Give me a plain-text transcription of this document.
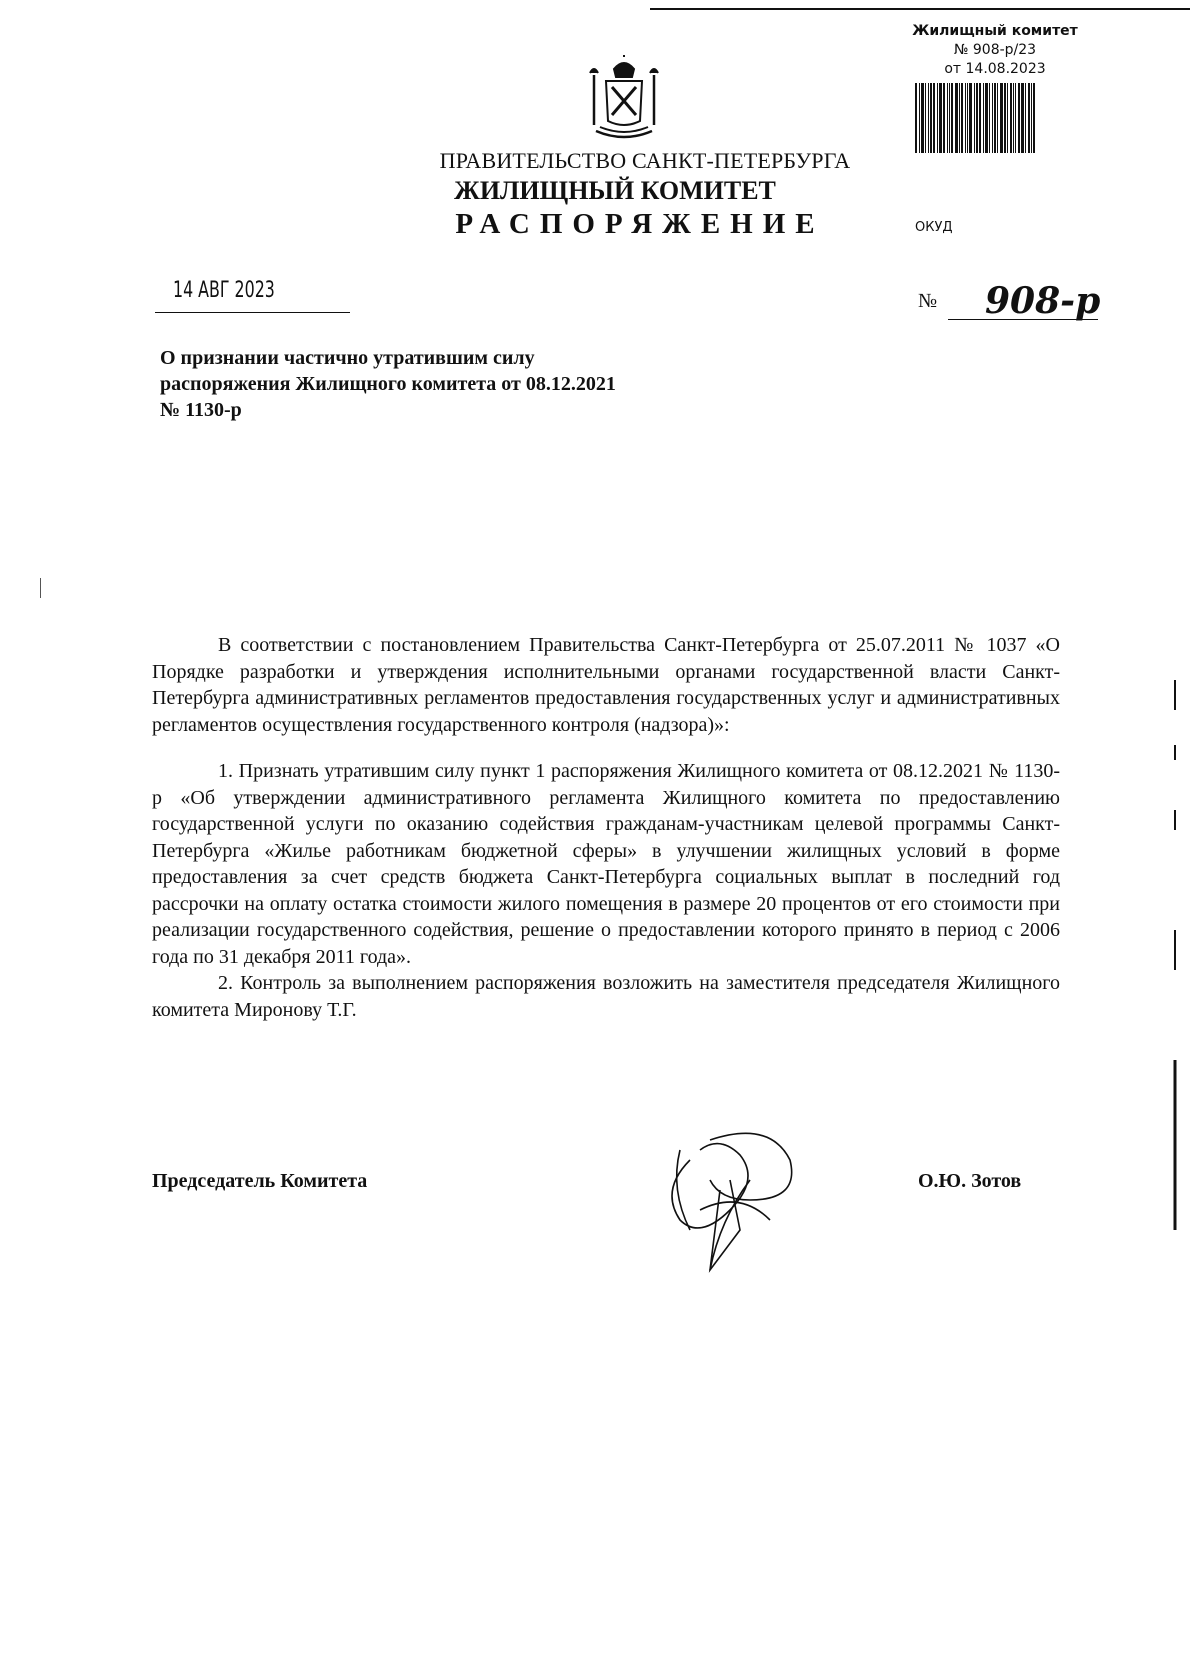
Жилищный комитет
№ 908-р/23
от 14.08.2023
ПРАВИТЕЛЬСТВО САНКТ-ПЕТЕРБУРГА
ЖИЛИЩНЫЙ КОМИТЕТ
РАСПОРЯЖЕНИЕ	ОКУД
14 АВГ 2023	№ 908-р
О признании частично утратившим силу распоряжения Жилищного комитета от 08.12.2021 № 1130-р

В соответствии с постановлением Правительства Санкт-Петербурга от 25.07.2011 № 1037 «О Порядке разработки и утверждения исполнительными органами государственной власти Санкт-Петербурга административных регламентов предоставления государственных услуг и административных регламентов осуществления государственного контроля (надзора)»:

1. Признать утратившим силу пункт 1 распоряжения Жилищного комитета от 08.12.2021 № 1130-р «Об утверждении административного регламента Жилищного комитета по предоставлению государственной услуги по оказанию содействия гражданам-участникам целевой программы Санкт-Петербурга «Жилье работникам бюджетной сферы» в улучшении жилищных условий в форме предоставления за счет средств бюджета Санкт-Петербурга социальных выплат в последний год рассрочки на оплату остатка стоимости жилого помещения в размере 20 процентов от его стоимости при реализации государственного содействия, решение о предоставлении которого принято в период с 2006 года по 31 декабря 2011 года».

2. Контроль за выполнением распоряжения возложить на заместителя председателя Жилищного комитета Миронову Т.Г.

Председатель Комитета	О.Ю. Зотов
